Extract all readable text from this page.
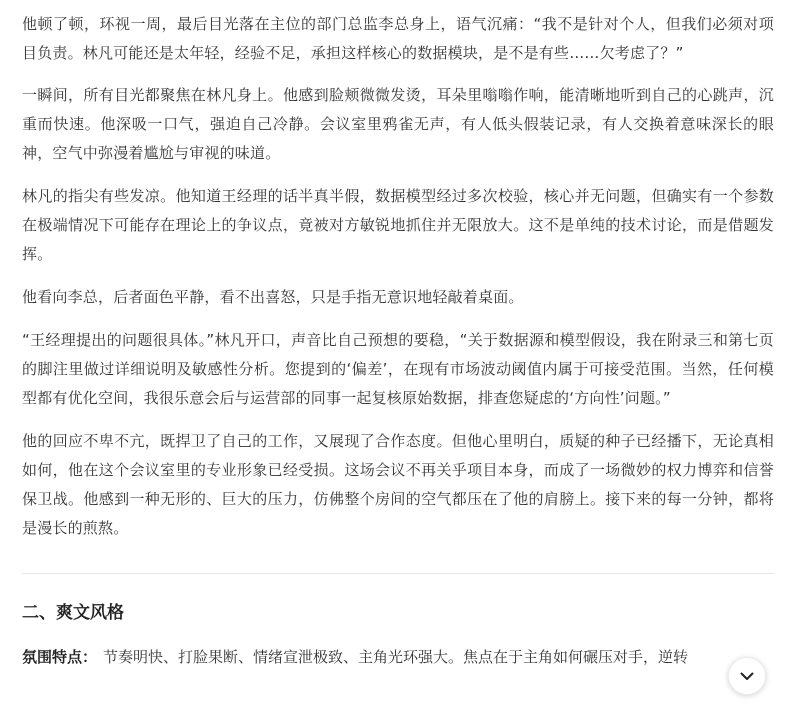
他顿了顿，环视一周，最后目光落在主位的部门总监李总身上，语气沉痛：“我不是针对个人，但我们必须对项目负责。林凡可能还是太年轻，经验不足，承担这样核心的数据模块，是不是有些……欠考虑了？”

一瞬间，所有目光都聚焦在林凡身上。他感到脸颊微微发烫，耳朵里嗡嗡作响，能清晰地听到自己的心跳声，沉重而快速。他深吸一口气，强迫自己冷静。会议室里鸦雀无声，有人低头假装记录，有人交换着意味深长的眼神，空气中弥漫着尴尬与审视的味道。

林凡的指尖有些发凉。他知道王经理的话半真半假，数据模型经过多次校验，核心并无问题，但确实有一个参数在极端情况下可能存在理论上的争议点，竟被对方敏锐地抓住并无限放大。这不是单纯的技术讨论，而是借题发挥。

他看向李总，后者面色平静，看不出喜怒，只是手指无意识地轻敲着桌面。

“王经理提出的问题很具体。”林凡开口，声音比自己预想的要稳，“关于数据源和模型假设，我在附录三和第七页的脚注里做过详细说明及敏感性分析。您提到的‘偏差’，在现有市场波动阈值内属于可接受范围。当然，任何模型都有优化空间，我很乐意会后与运营部的同事一起复核原始数据，排查您疑虑的‘方向性’问题。”

他的回应不卑不亢，既捍卫了自己的工作，又展现了合作态度。但他心里明白，质疑的种子已经播下，无论真相如何，他在这个会议室里的专业形象已经受损。这场会议不再关乎项目本身，而成了一场微妙的权力博弈和信誉保卫战。他感到一种无形的、巨大的压力，仿佛整个房间的空气都压在了他的肩膀上。接下来的每一分钟，都将是漫长的煎熬。

二、爽文风格
氛围特点： 节奏明快、打脸果断、情绪宣泄极致、主角光环强大。焦点在于主角如何碾压对手，逆转
